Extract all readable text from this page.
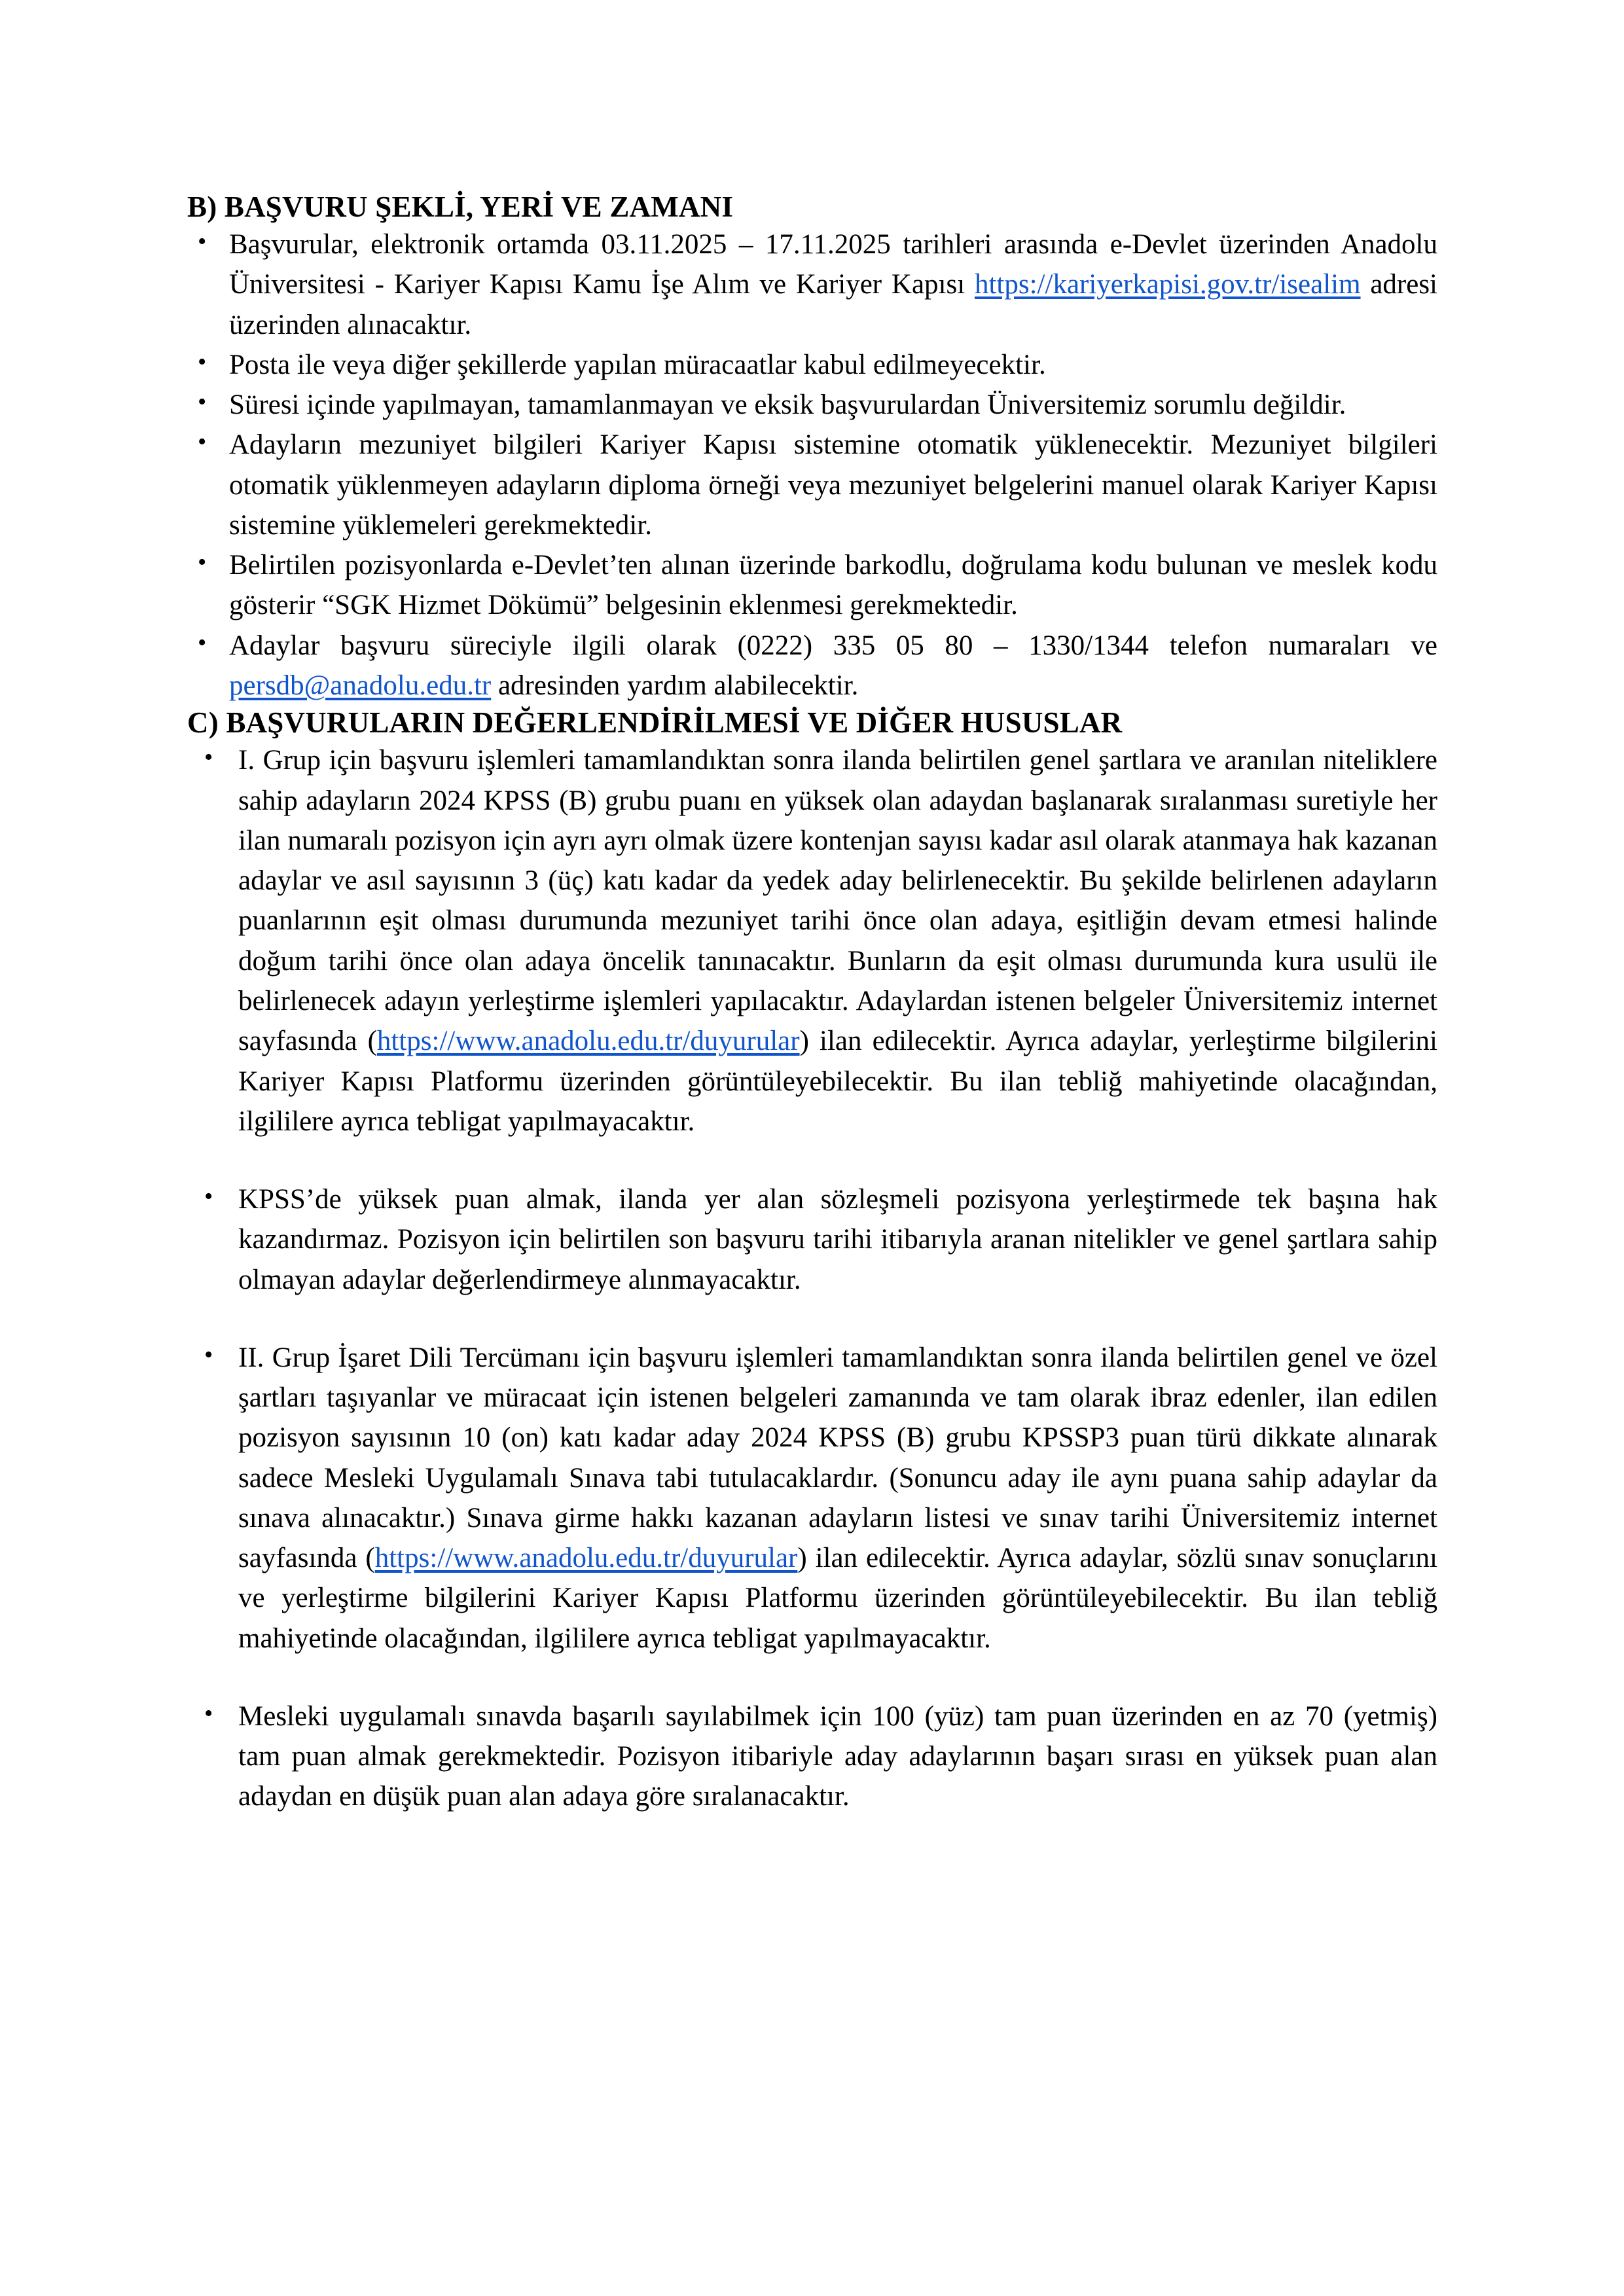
B) BAŞVURU ŞEKLİ, YERİ VE ZAMANI
• Başvurular, elektronik ortamda 03.11.2025 – 17.11.2025 tarihleri arasında e-Devlet üzerinden Anadolu Üniversitesi - Kariyer Kapısı Kamu İşe Alım ve Kariyer Kapısı https://kariyerkapisi.gov.tr/isealim adresi üzerinden alınacaktır.
• Posta ile veya diğer şekillerde yapılan müracaatlar kabul edilmeyecektir.
• Süresi içinde yapılmayan, tamamlanmayan ve eksik başvurulardan Üniversitemiz sorumlu değildir.
• Adayların mezuniyet bilgileri Kariyer Kapısı sistemine otomatik yüklenecektir. Mezuniyet bilgileri otomatik yüklenmeyen adayların diploma örneği veya mezuniyet belgelerini manuel olarak Kariyer Kapısı sistemine yüklemeleri gerekmektedir.
• Belirtilen pozisyonlarda e-Devlet’ten alınan üzerinde barkodlu, doğrulama kodu bulunan ve meslek kodu gösterir “SGK Hizmet Dökümü” belgesinin eklenmesi gerekmektedir.
• Adaylar başvuru süreciyle ilgili olarak (0222) 335 05 80 – 1330/1344 telefon numaraları ve persdb@anadolu.edu.tr adresinden yardım alabilecektir.
C) BAŞVURULARIN DEĞERLENDİRİLMESİ VE DİĞER HUSUSLAR
• I. Grup için başvuru işlemleri tamamlandıktan sonra ilanda belirtilen genel şartlara ve aranılan niteliklere sahip adayların 2024 KPSS (B) grubu puanı en yüksek olan adaydan başlanarak sıralanması suretiyle her ilan numaralı pozisyon için ayrı ayrı olmak üzere kontenjan sayısı kadar asıl olarak atanmaya hak kazanan adaylar ve asıl sayısının 3 (üç) katı kadar da yedek aday belirlenecektir. Bu şekilde belirlenen adayların puanlarının eşit olması durumunda mezuniyet tarihi önce olan adaya, eşitliğin devam etmesi halinde doğum tarihi önce olan adaya öncelik tanınacaktır. Bunların da eşit olması durumunda kura usulü ile belirlenecek adayın yerleştirme işlemleri yapılacaktır. Adaylardan istenen belgeler Üniversitemiz internet sayfasında (https://www.anadolu.edu.tr/duyurular) ilan edilecektir. Ayrıca adaylar, yerleştirme bilgilerini Kariyer Kapısı Platformu üzerinden görüntüleyebilecektir. Bu ilan tebliğ mahiyetinde olacağından, ilgililere ayrıca tebligat yapılmayacaktır.
• KPSS’de yüksek puan almak, ilanda yer alan sözleşmeli pozisyona yerleştirmede tek başına hak kazandırmaz. Pozisyon için belirtilen son başvuru tarihi itibarıyla aranan nitelikler ve genel şartlara sahip olmayan adaylar değerlendirmeye alınmayacaktır.
• II. Grup İşaret Dili Tercümanı için başvuru işlemleri tamamlandıktan sonra ilanda belirtilen genel ve özel şartları taşıyanlar ve müracaat için istenen belgeleri zamanında ve tam olarak ibraz edenler, ilan edilen pozisyon sayısının 10 (on) katı kadar aday 2024 KPSS (B) grubu KPSSP3 puan türü dikkate alınarak sadece Mesleki Uygulamalı Sınava tabi tutulacaklardır. (Sonuncu aday ile aynı puana sahip adaylar da sınava alınacaktır.) Sınava girme hakkı kazanan adayların listesi ve sınav tarihi Üniversitemiz internet sayfasında (https://www.anadolu.edu.tr/duyurular) ilan edilecektir. Ayrıca adaylar, sözlü sınav sonuçlarını ve yerleştirme bilgilerini Kariyer Kapısı Platformu üzerinden görüntüleyebilecektir. Bu ilan tebliğ mahiyetinde olacağından, ilgililere ayrıca tebligat yapılmayacaktır.
• Mesleki uygulamalı sınavda başarılı sayılabilmek için 100 (yüz) tam puan üzerinden en az 70 (yetmiş) tam puan almak gerekmektedir. Pozisyon itibariyle aday adaylarının başarı sırası en yüksek puan alan adaydan en düşük puan alan adaya göre sıralanacaktır.
